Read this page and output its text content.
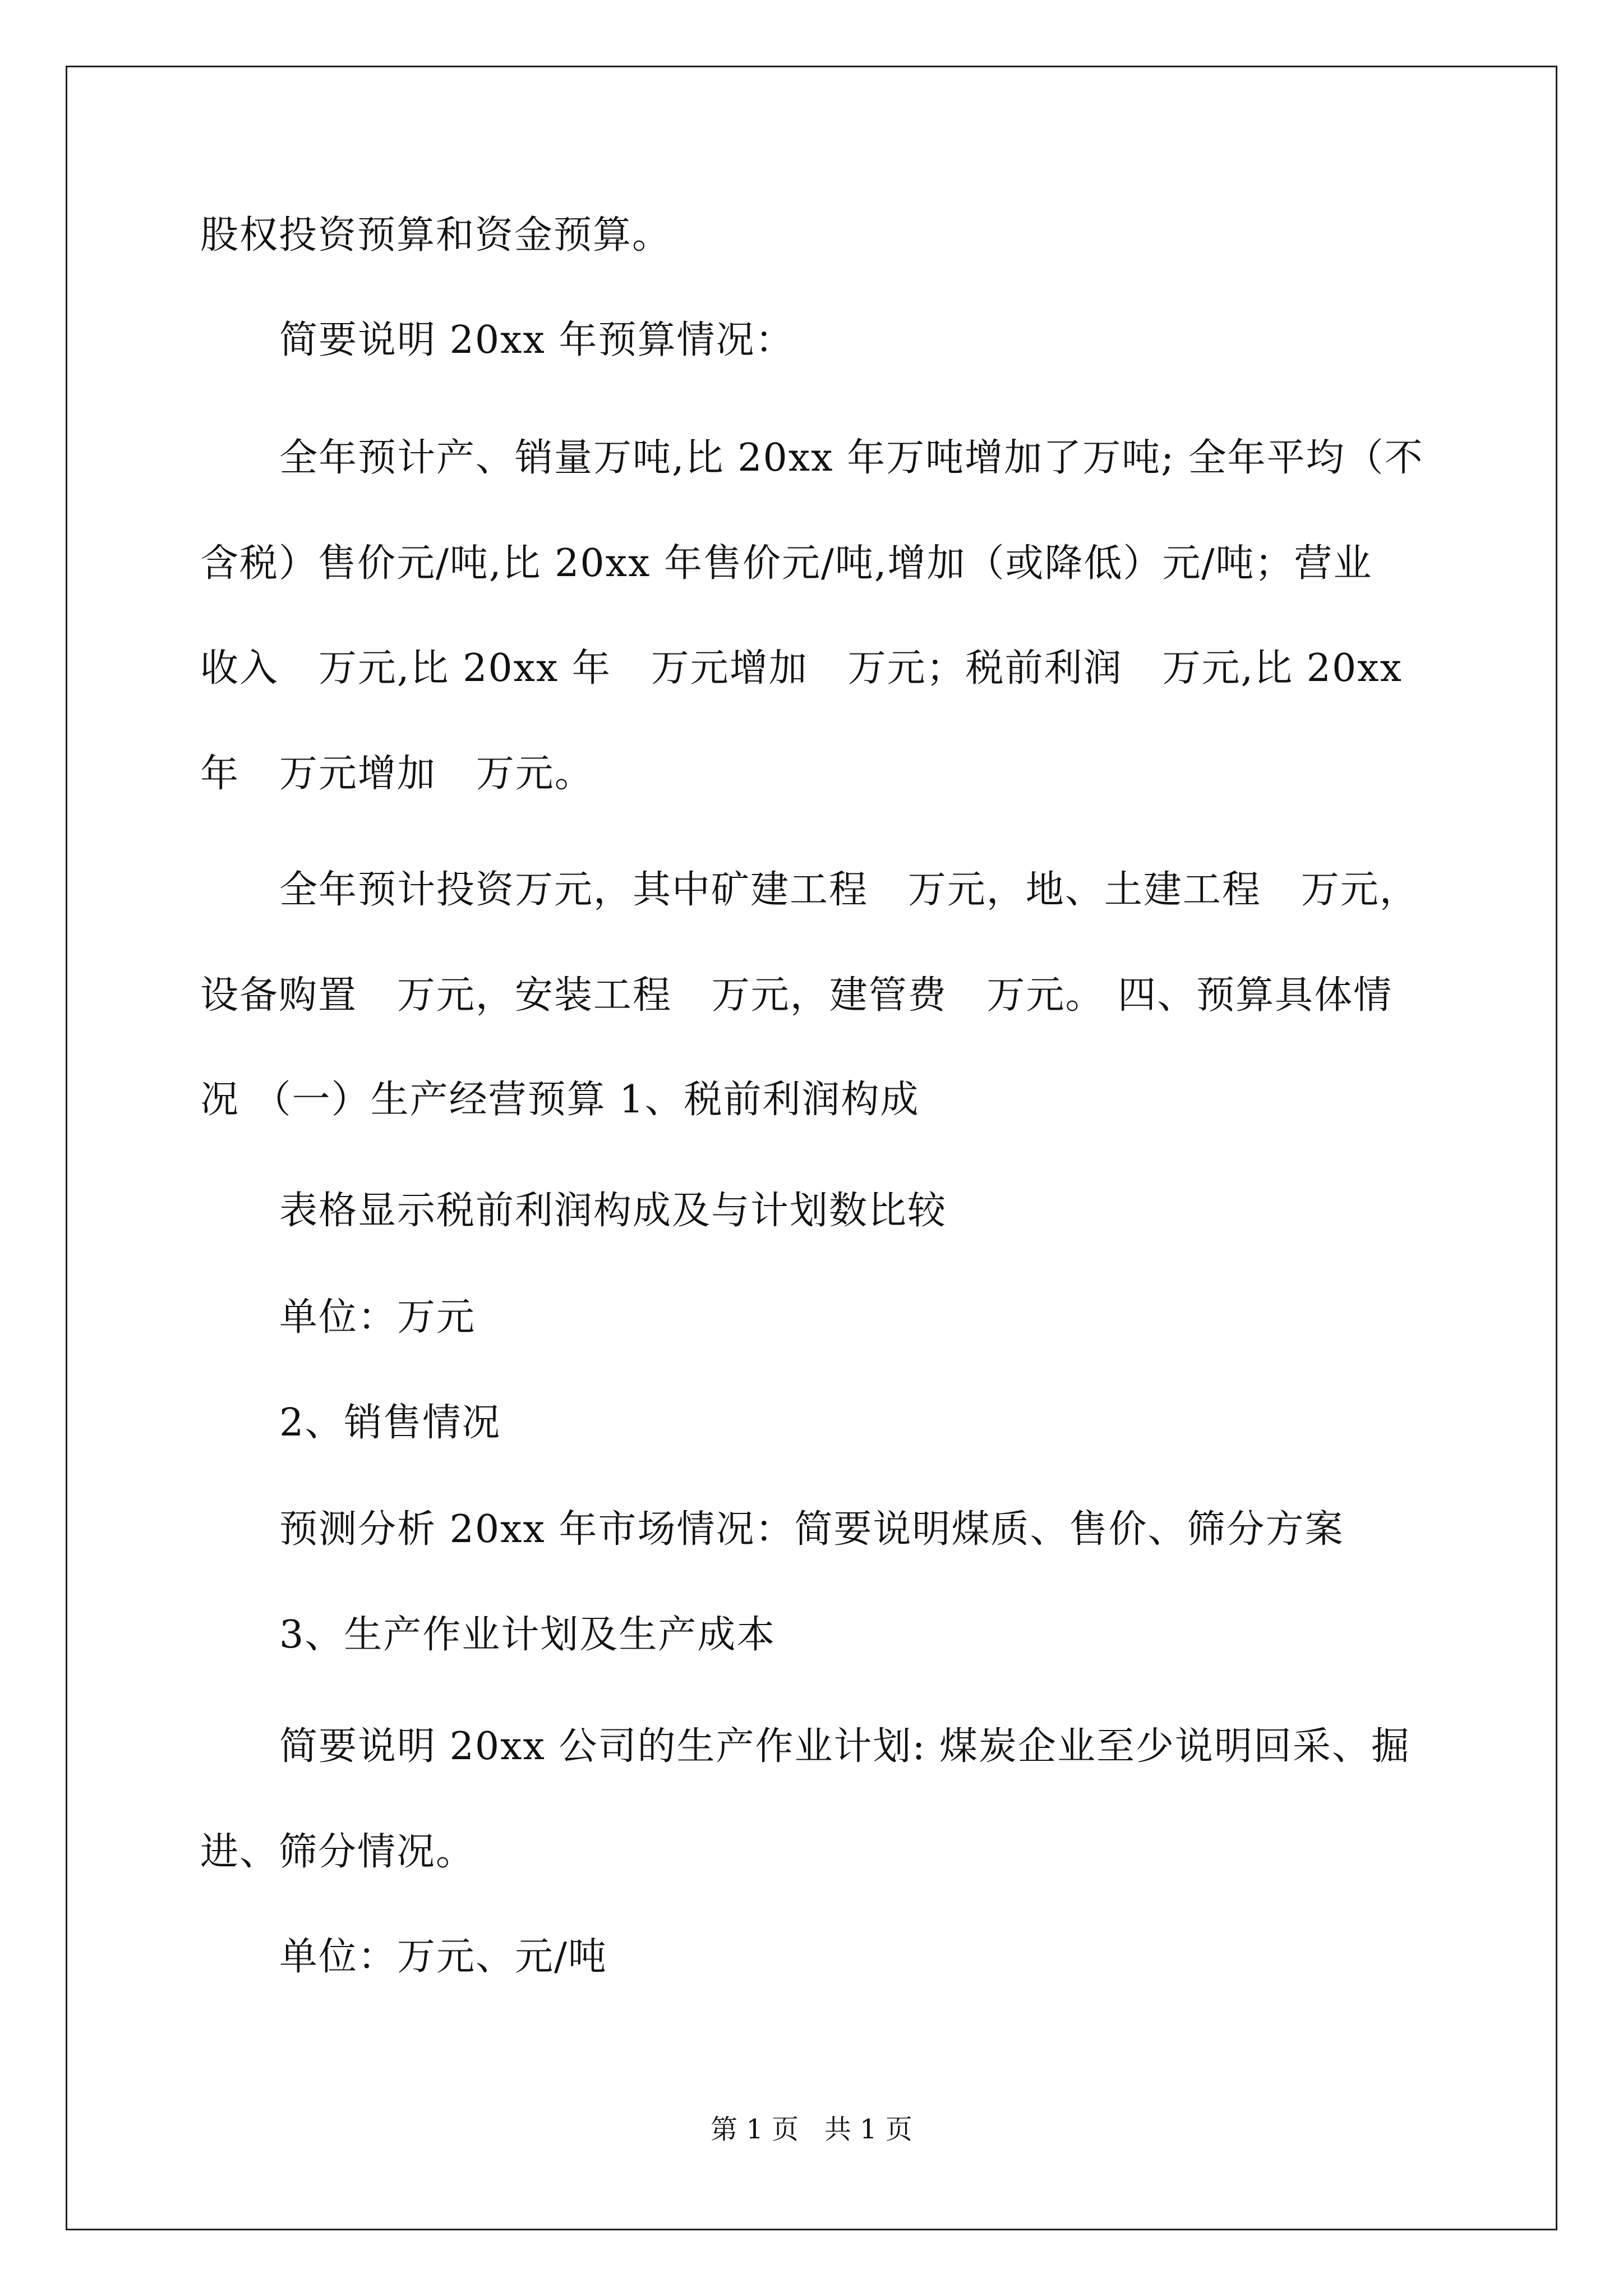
股权投资预算和资金预算。
简要说明 20xx 年预算情况：
全年预计产、销量万吨,比 20xx 年万吨增加了万吨; 全年平均（不
含税）售价元/吨,比 20xx 年售价元/吨,增加（或降低）元/吨；营业
收入   万元,比 20xx 年   万元增加   万元；税前利润   万元,比 20xx
年   万元增加   万元。
全年预计投资万元，其中矿建工程   万元，地、土建工程   万元，
设备购置   万元，安装工程   万元，建管费   万元。 四、预算具体情
况 （一）生产经营预算 1、税前利润构成
表格显示税前利润构成及与计划数比较
单位：万元
2、销售情况
预测分析 20xx 年市场情况：简要说明煤质、售价、筛分方案
3、生产作业计划及生产成本
简要说明 20xx 公司的生产作业计划: 煤炭企业至少说明回采、掘
进、筛分情况。
单位：万元、元/吨
第 1 页   共 1 页
